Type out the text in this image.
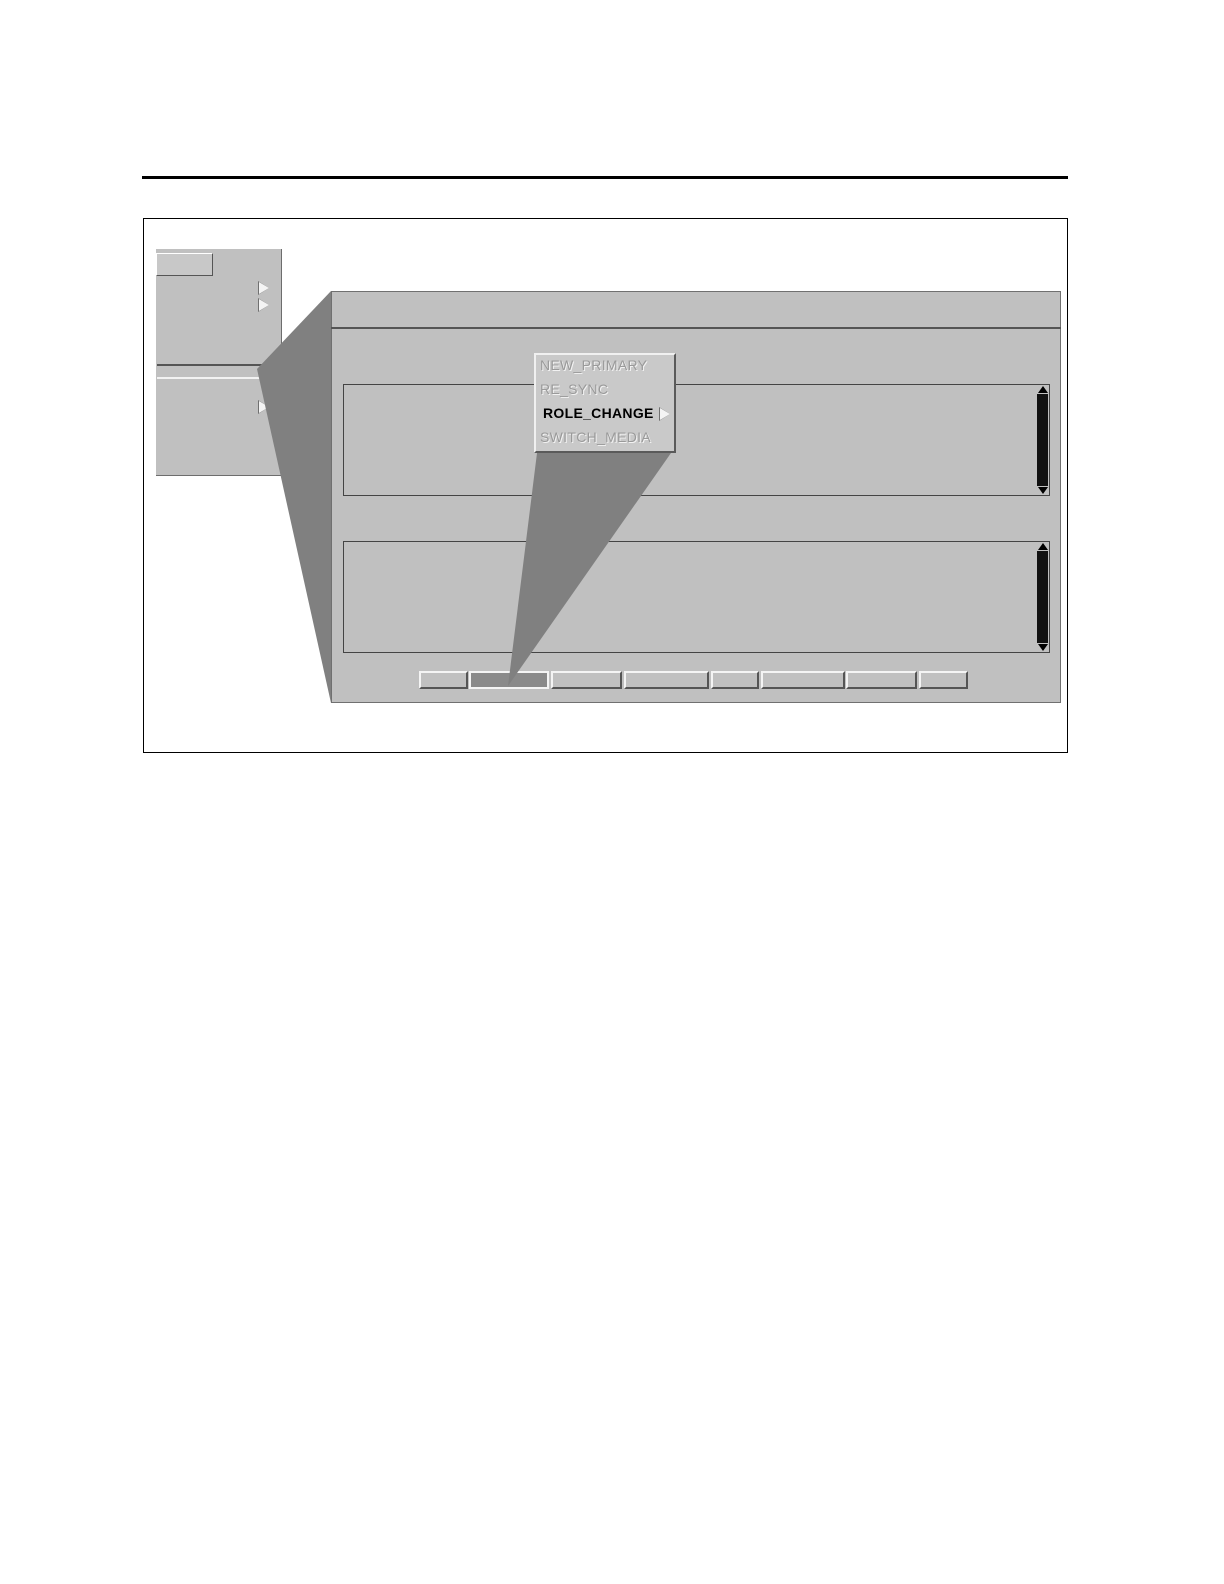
NEW_PRIMARY
RE_SYNC
ROLE_CHANGE
SWITCH_MEDIA
